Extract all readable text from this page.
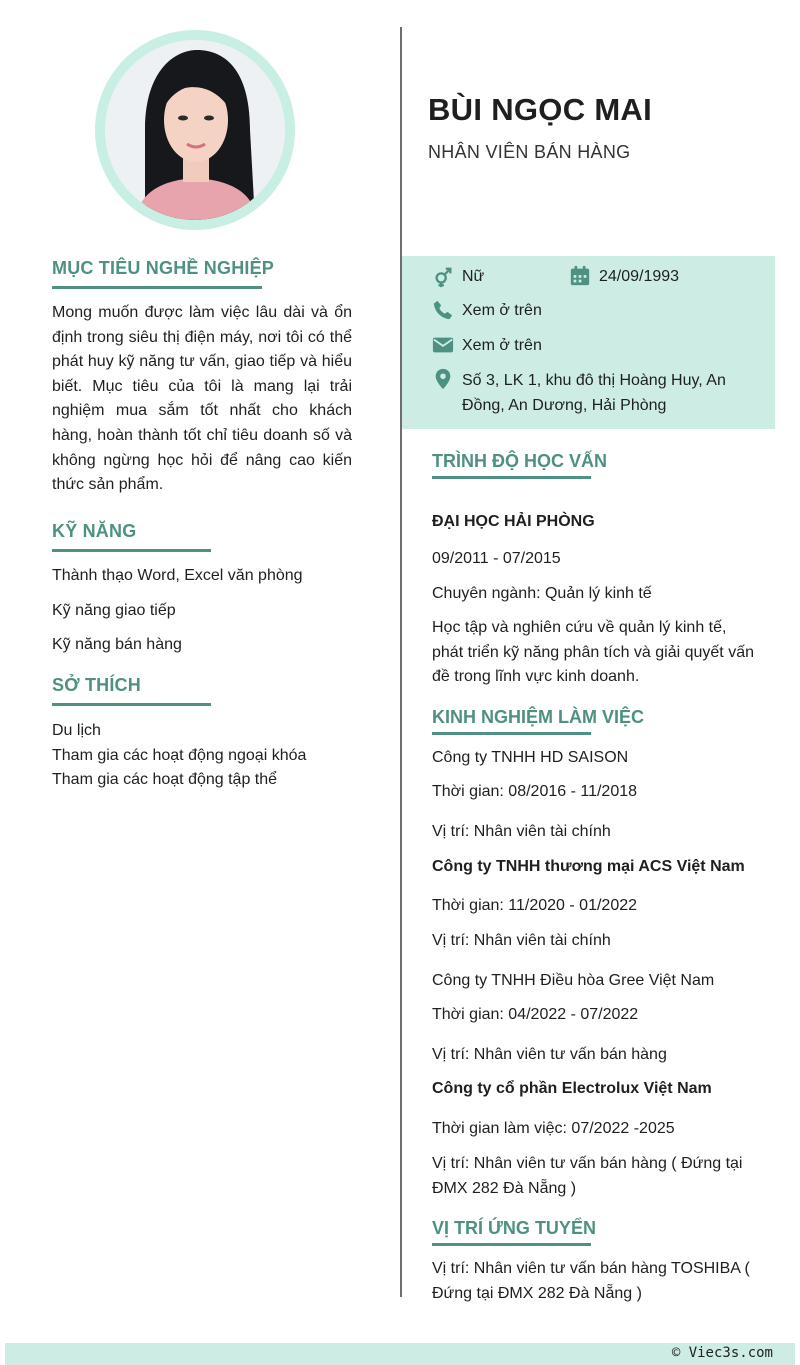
MỤC TIÊU NGHỀ NGHIỆP

Mong muốn được làm việc lâu dài và ổn định trong siêu thị điện máy, nơi tôi có thể phát huy kỹ năng tư vấn, giao tiếp và hiểu biết. Mục tiêu của tôi là mang lại trải nghiệm mua sắm tốt nhất cho khách hàng, hoàn thành tốt chỉ tiêu doanh số và không ngừng học hỏi để nâng cao kiến thức sản phẩm.

KỸ NĂNG
Thành thạo Word, Excel văn phòng
Kỹ năng giao tiếp
Kỹ năng bán hàng
SỞ THÍCH
Du lịch
Tham gia các hoạt động ngoại khóa
Tham gia các hoạt động tập thể
BÙI NGỌC MAI
NHÂN VIÊN BÁN HÀNG
Nữ	24/09/1993
Xem ở trên
Xem ở trên
Số 3, LK 1, khu đô thị Hoàng Huy, An
Đồng, An Dương, Hải Phòng
TRÌNH ĐỘ HỌC VẤN
ĐẠI HỌC HẢI PHÒNG
09/2011 - 07/2015
Chuyên ngành: Quản lý kinh tế
Học tập và nghiên cứu về quản lý kinh tế, phát triển kỹ năng phân tích và giải quyết vấn đề trong lĩnh vực kinh doanh.
KINH NGHIỆM LÀM VIỆC
Công ty TNHH HD SAISON
Thời gian: 08/2016 - 11/2018
Vị trí: Nhân viên tài chính
Công ty TNHH thương mại ACS Việt Nam
Thời gian: 11/2020 - 01/2022
Vị trí: Nhân viên tài chính
Công ty TNHH Điều hòa Gree Việt Nam
Thời gian: 04/2022 - 07/2022
Vị trí: Nhân viên tư vấn bán hàng
Công ty cổ phần Electrolux Việt Nam
Thời gian làm việc: 07/2022 -2025
Vị trí: Nhân viên tư vấn bán hàng ( Đứng tại ĐMX 282 Đà Nẵng )
VỊ TRÍ ỨNG TUYỂN
Vị trí: Nhân viên tư vấn bán hàng TOSHIBA ( Đứng tại ĐMX 282 Đà Nẵng )
© Viec3s.com
